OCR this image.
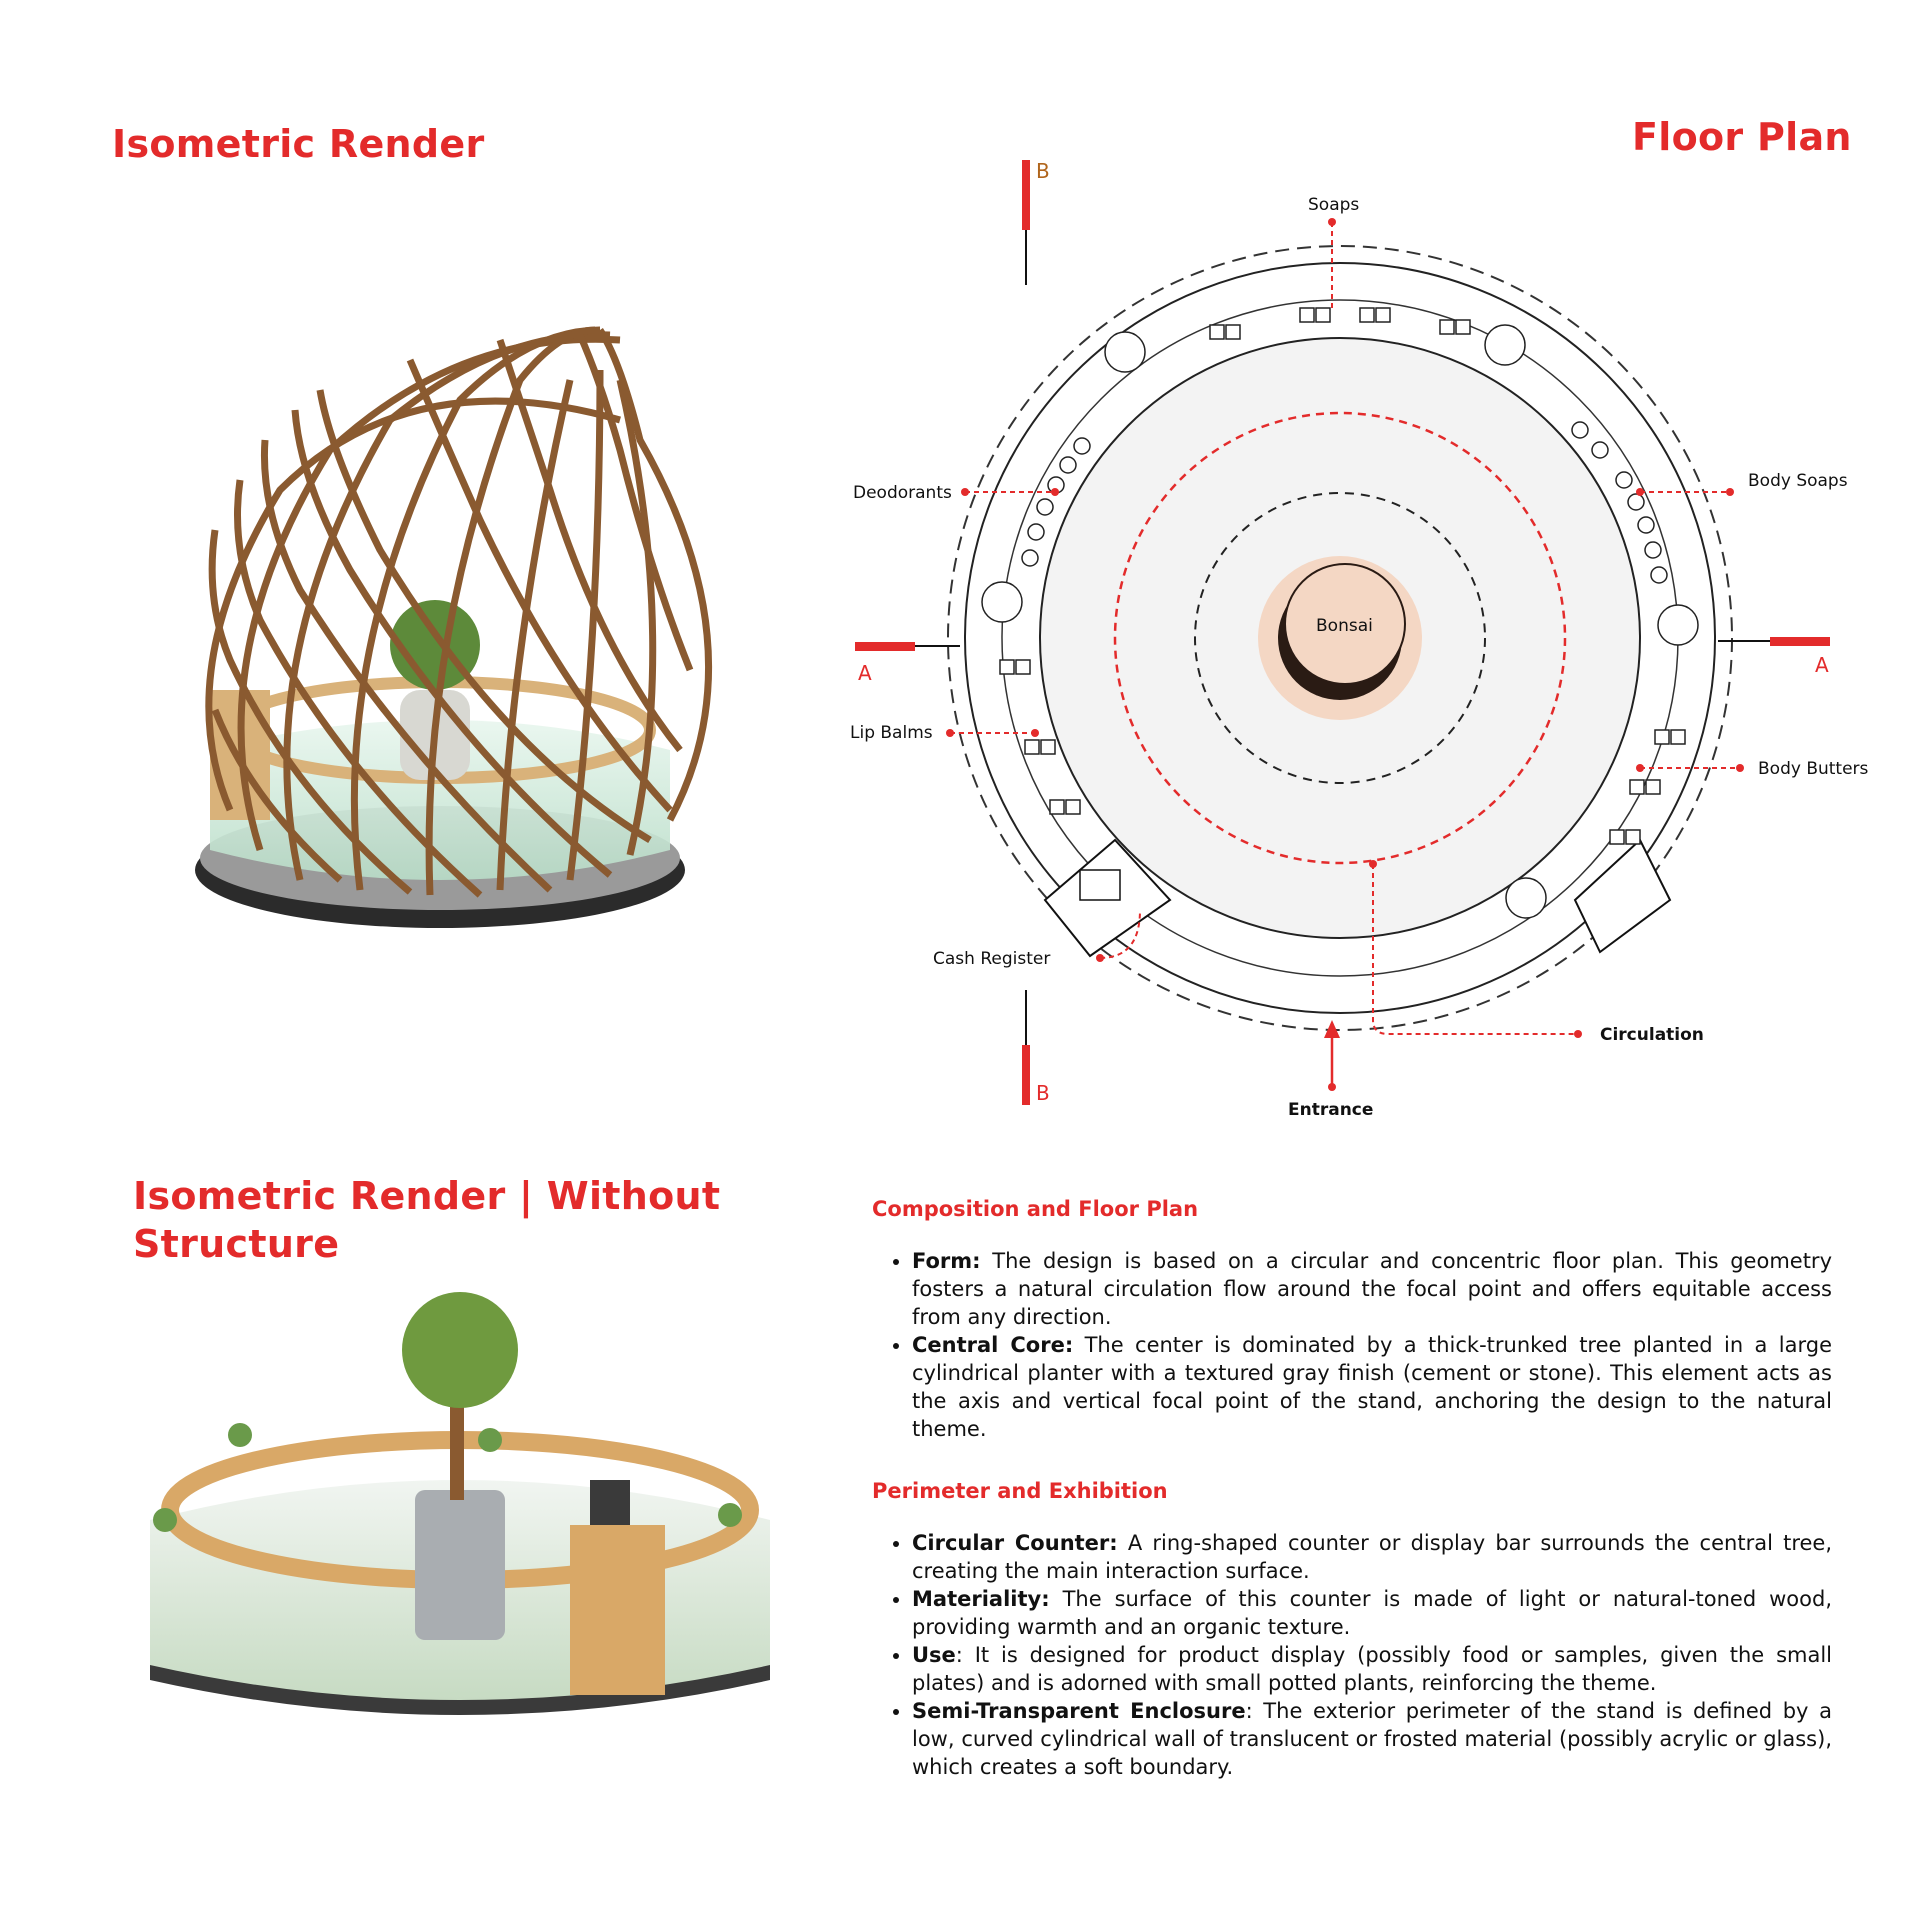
Isometric Render	Floor Plan
Isometric Render | Without
Structure
B
B
A	A
Soaps
Deodorants
Body Soaps
Bonsai
Lip Balms
Body Butters
Cash Register
Circulation
Entrance

Composition and Floor Plan

• Form: The design is based on a circular and concentric floor plan. This geometry fosters a natural circulation flow around the focal point and offers equitable access from any direction.
• Central Core: The center is dominated by a thick-trunked tree planted in a large cylindrical planter with a textured gray finish (cement or stone). This element acts as the axis and vertical focal point of the stand, anchoring the design to the natural theme.

Perimeter and Exhibition

• Circular Counter: A ring-shaped counter or display bar surrounds the central tree, creating the main interaction surface.
• Materiality: The surface of this counter is made of light or natural-toned wood, providing warmth and an organic texture.
• Use: It is designed for product display (possibly food or samples, given the small plates) and is adorned with small potted plants, reinforcing the theme.
• Semi-Transparent Enclosure: The exterior perimeter of the stand is defined by a low, curved cylindrical wall of translucent or frosted material (possibly acrylic or glass), which creates a soft boundary.
